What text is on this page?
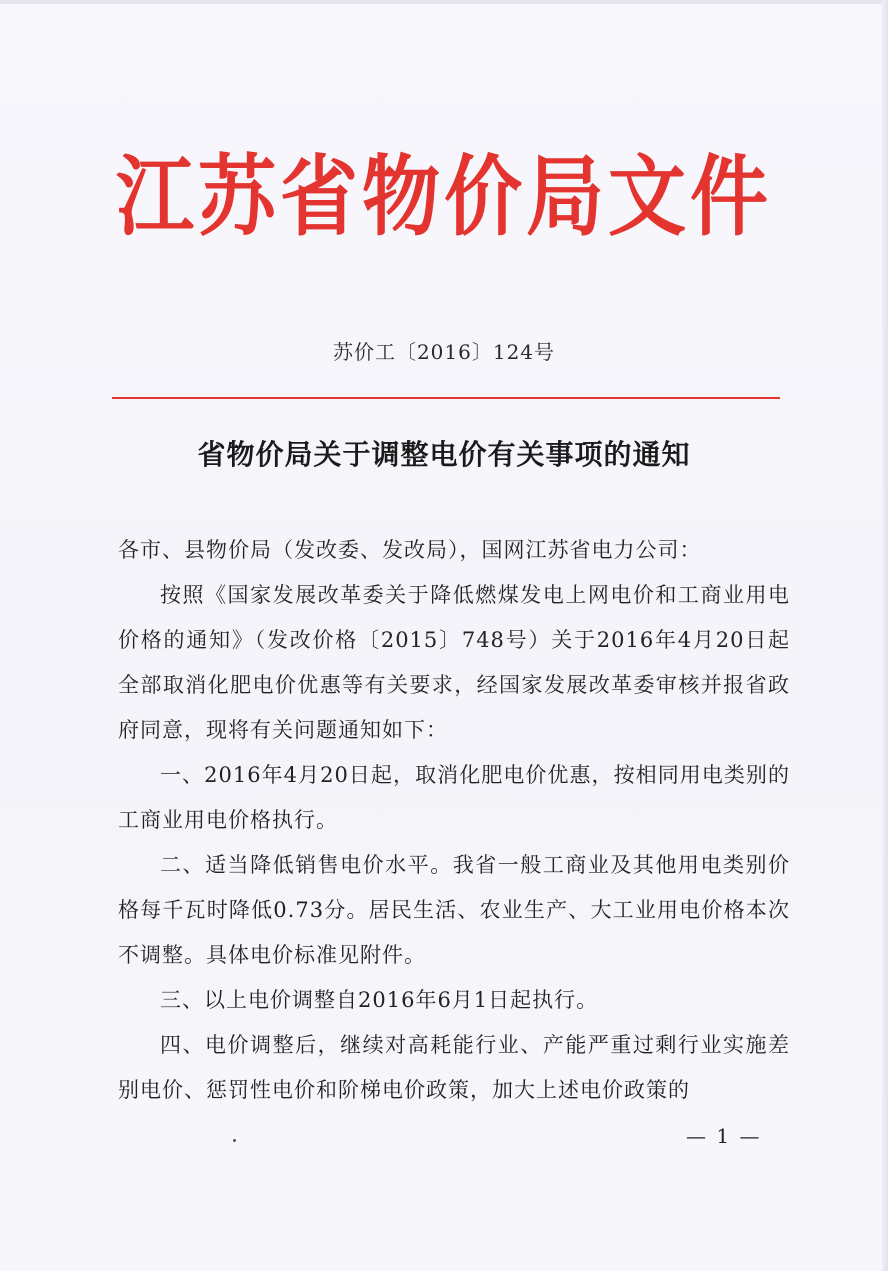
江苏省物价局文件
苏价工〔2016〕124号
省物价局关于调整电价有关事项的通知

各市、县物价局（发改委、发改局），国网江苏省电力公司：

按照《国家发展改革委关于降低燃煤发电上网电价和工商业用电价格的通知》（发改价格〔2015〕748号）关于2016年4月20日起全部取消化肥电价优惠等有关要求，经国家发展改革委审核并报省政府同意，现将有关问题通知如下：

一、2016年4月20日起，取消化肥电价优惠，按相同用电类别的工商业用电价格执行。

二、适当降低销售电价水平。我省一般工商业及其他用电类别价格每千瓦时降低0.73分。居民生活、农业生产、大工业用电价格本次不调整。具体电价标准见附件。

三、以上电价调整自2016年6月1日起执行。

四、电价调整后，继续对高耗能行业、产能严重过剩行业实施差别电价、惩罚性电价和阶梯电价政策，加大上述电价政策的

— 1 —
